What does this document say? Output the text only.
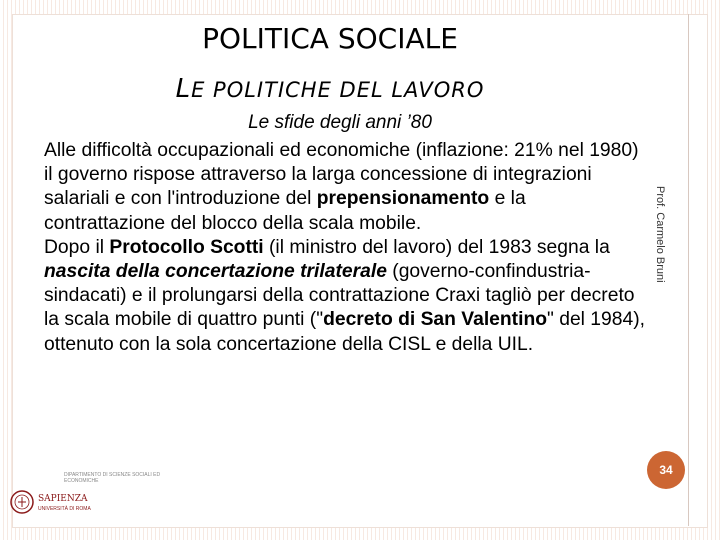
POLITICA SOCIALE
LE POLITICHE DEL LAVORO
Le sfide degli anni ’80

Alle difficoltà occupazionali ed economiche (inflazione: 21% nel 1980) il governo rispose attraverso la larga concessione di integrazioni salariali e con l'introduzione del prepensionamento e la contrattazione del blocco della scala mobile.

Dopo il Protocollo Scotti (il ministro del lavoro) del 1983 segna la nascita della concertazione trilaterale (governo-confindustria-sindacati) e il prolungarsi della contrattazione Craxi tagliò per decreto la scala mobile di quattro punti ("decreto di San Valentino" del 1984), ottenuto con la sola concertazione della CISL e della UIL.

Prof. Carmelo Bruni
34
DIPARTIMENTO DI SCIENZE SOCIALI ED ECONOMICHE
SAPIENZA
UNIVERSITÀ DI ROMA
